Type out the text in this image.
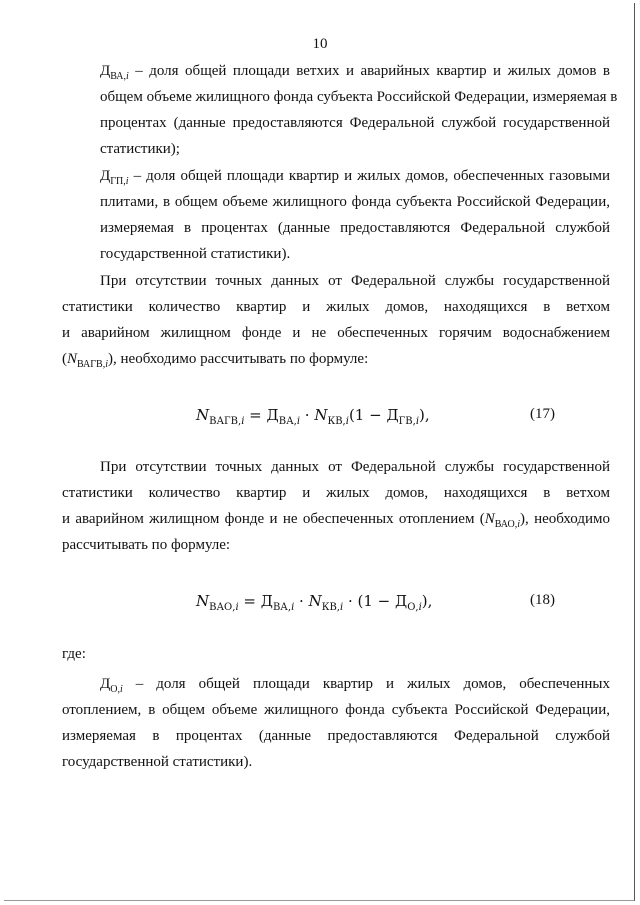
10
$Д_{ВА,i}$ – доля общей площади ветхих и аварийных квартир и жилых домов в
общем объеме жилищного фонда субъекта Российской Федерации, измеряемая в
процентах (данные предоставляются Федеральной службой государственной
статистики);
$Д_{ГП,i}$ – доля общей площади квартир и жилых домов, обеспеченных газовыми
плитами, в общем объеме жилищного фонда субъекта Российской Федерации,
измеряемая в процентах (данные предоставляются Федеральной службой
государственной статистики).
При отсутствии точных данных от Федеральной службы государственной
статистики количество квартир и жилых домов, находящихся в ветхом
и аварийном жилищном фонде и не обеспеченных горячим водоснабжением
$(N_{ВАГВ,i})$, необходимо рассчитывать по формуле:
$N_{ВАГВ,i} = Д_{ВА,i} \cdot N_{КВ,i}(1 - Д_{ГВ,i})$,	(17)
При отсутствии точных данных от Федеральной службы государственной
статистики количество квартир и жилых домов, находящихся в ветхом
и аварийном жилищном фонде и не обеспеченных отоплением $(N_{ВАО,i})$, необходимо
рассчитывать по формуле:
$N_{ВАО,i} = Д_{ВА,i} \cdot N_{КВ,i} \cdot (1 - Д_{О,i})$,	(18)
где:
$Д_{О,i}$ – доля общей площади квартир и жилых домов, обеспеченных
отоплением, в общем объеме жилищного фонда субъекта Российской Федерации,
измеряемая в процентах (данные предоставляются Федеральной службой
государственной статистики).
